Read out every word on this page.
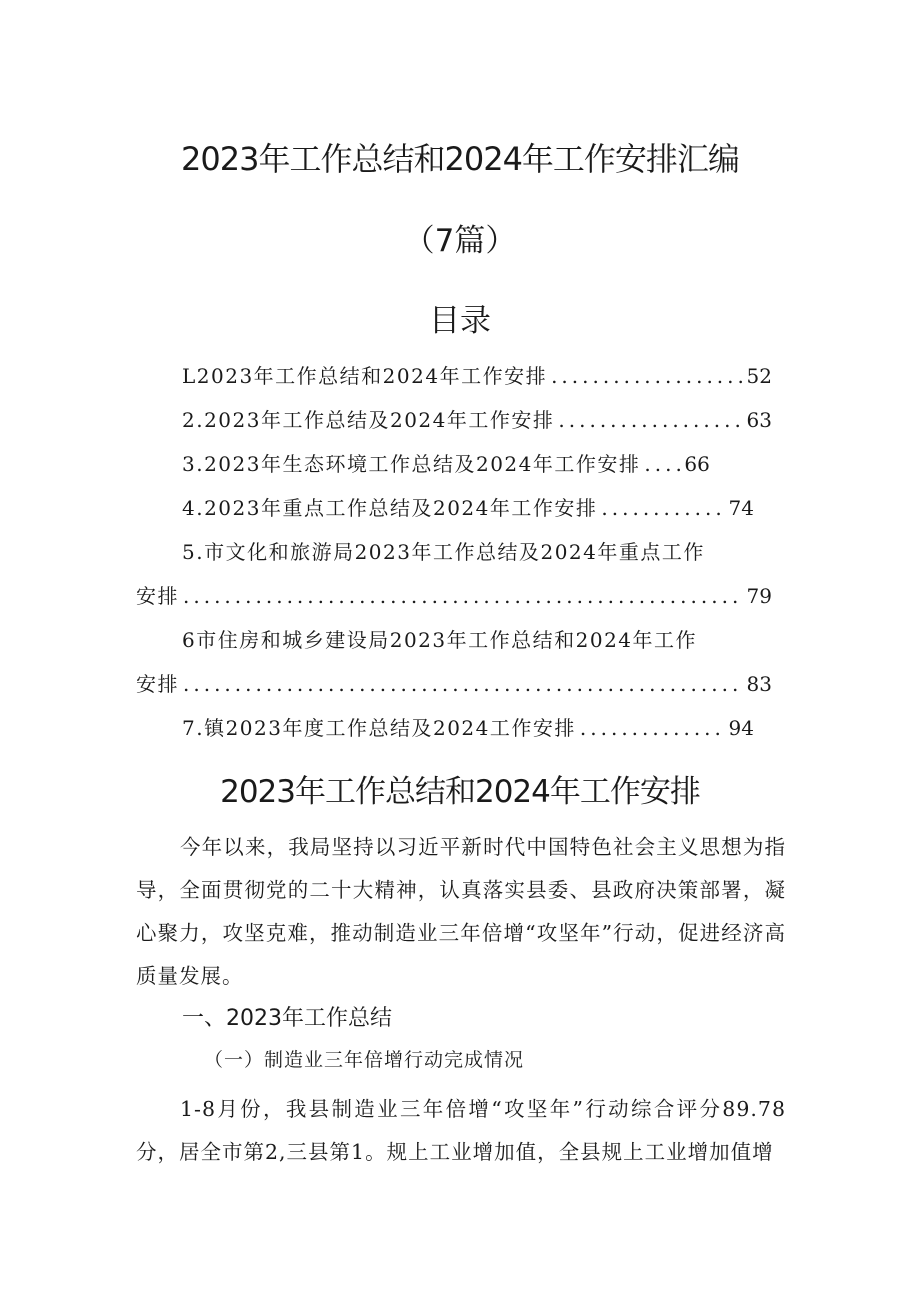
2023年工作总结和2024年工作安排汇编
（7篇）
目录
L2023年工作总结和2024年工作安排 .....	52
2.2023年工作总结及2024年工作安排 .....	63
3.2023年生态环境工作总结及2024年工作安排 ..... 66
4.2023年重点工作总结及2024年工作安排 .....	74
5.市文化和旅游局2023年工作总结及2024年重点工作
安排 .....	79
6市住房和城乡建设局2023年工作总结和2024年工作
安排 .....	83
7.镇2023年度工作总结及2024工作安排 .....	94
2023年工作总结和2024年工作安排
今年以来，我局坚持以习近平新时代中国特色社会主义思想为指导，全面贯彻党的二十大精神，认真落实县委、县政府决策部署，凝心聚力，攻坚克难，推动制造业三年倍增“攻坚年”行动，促进经济高质量发展。
一、2023年工作总结
（一）制造业三年倍增行动完成情况
1-8月份，我县制造业三年倍增“攻坚年”行动综合评分89.78分，居全市第2,三县第1。规上工业增加值，全县规上工业增加值增
